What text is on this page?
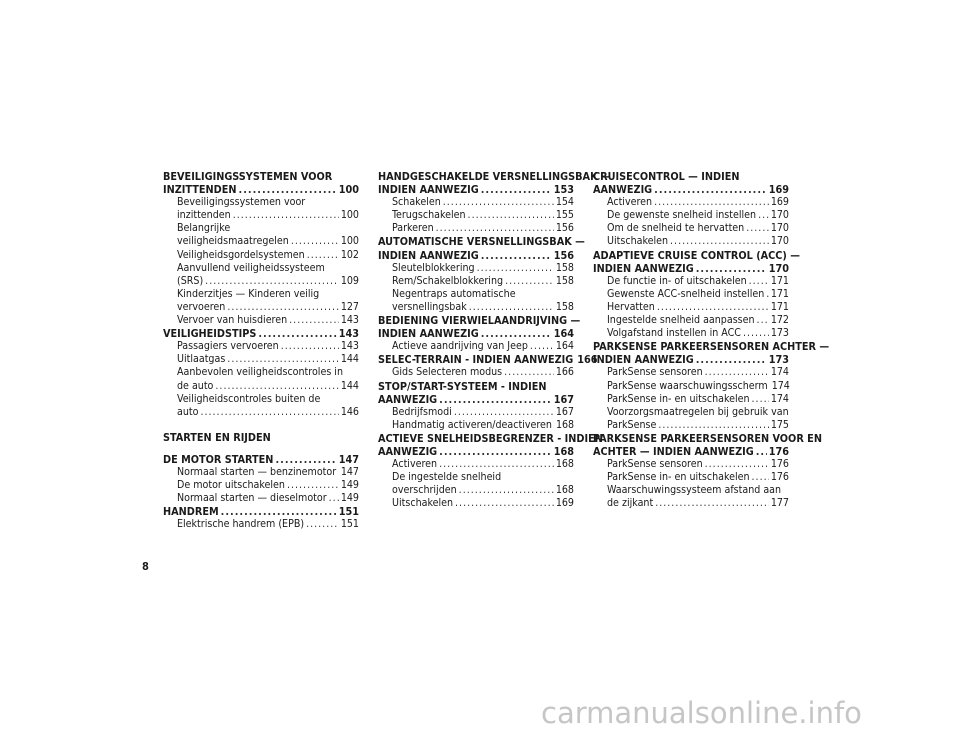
BEVEILIGINGSSYSTEMEN VOOR
INZITTENDEN .....	100
Beveiligingssystemen voor
inzittenden .....	100
Belangrijke
veiligheidsmaatregelen .....	100
Veiligheidsgordelsystemen .....	102
Aanvullend veiligheidssysteem
(SRS) .....	109
Kinderzitjes — Kinderen veilig
vervoeren .....	127
Vervoer van huisdieren .....	143
VEILIGHEIDSTIPS .....	143
Passagiers vervoeren .....	143
Uitlaatgas .....	144
Aanbevolen veiligheidscontroles in
de auto .....	144
Veiligheidscontroles buiten de
auto .....	146
STARTEN EN RIJDEN
DE MOTOR STARTEN .....	147
Normaal starten — benzinemotor ..... 147
De motor uitschakelen .....	149
Normaal starten — dieselmotor ..... 149
HANDREM .....	151
Elektrische handrem (EPB) .....	151
HANDGESCHAKELDE VERSNELLINGSBAK —
INDIEN AANWEZIG .....	153
Schakelen .....	154
Terugschakelen .....	155
Parkeren .....	156
AUTOMATISCHE VERSNELLINGSBAK —
INDIEN AANWEZIG .....	156
Sleutelblokkering .....	158
Rem/Schakelblokkering .....	158
Negentraps automatische
versnellingsbak .....	158
BEDIENING VIERWIELAANDRIJVING —
INDIEN AANWEZIG .....	164
Actieve aandrijving van Jeep .....	164
SELEC-TERRAIN - INDIEN AANWEZIG 166
Gids Selecteren modus .....	166
STOP/START-SYSTEEM - INDIEN
AANWEZIG .....	167
Bedrijfsmodi .....	167
Handmatig activeren/deactiveren 168
ACTIEVE SNELHEIDSBEGRENZER - INDIEN
AANWEZIG .....	168
Activeren .....	168
De ingestelde snelheid
overschrijden .....	168
Uitschakelen .....	169
CRUISECONTROL — INDIEN
AANWEZIG .....	169
Activeren .....	169
De gewenste snelheid instellen ..... 170
Om de snelheid te hervatten .....	170
Uitschakelen .....	170
ADAPTIEVE CRUISE CONTROL (ACC) —
INDIEN AANWEZIG .....	170
De functie in- of uitschakelen ..... 171
Gewenste ACC-snelheid instellen ..... 171
Hervatten .....	171
Ingestelde snelheid aanpassen ..... 172
Volgafstand instellen in ACC .....	173
PARKSENSE PARKEERSENSOREN ACHTER —
INDIEN AANWEZIG .....	173
ParkSense sensoren .....	174
ParkSense waarschuwingsscherm 174
ParkSense in- en uitschakelen ..... 174
Voorzorgsmaatregelen bij gebruik van
ParkSense .....	175
PARKSENSE PARKEERSENSOREN VOOR EN
ACHTER — INDIEN AANWEZIG ..... 176
ParkSense sensoren .....	176
ParkSense in- en uitschakelen ..... 176
Waarschuwingssysteem afstand aan
de zijkant .....	177
8
carmanualsonline.info
